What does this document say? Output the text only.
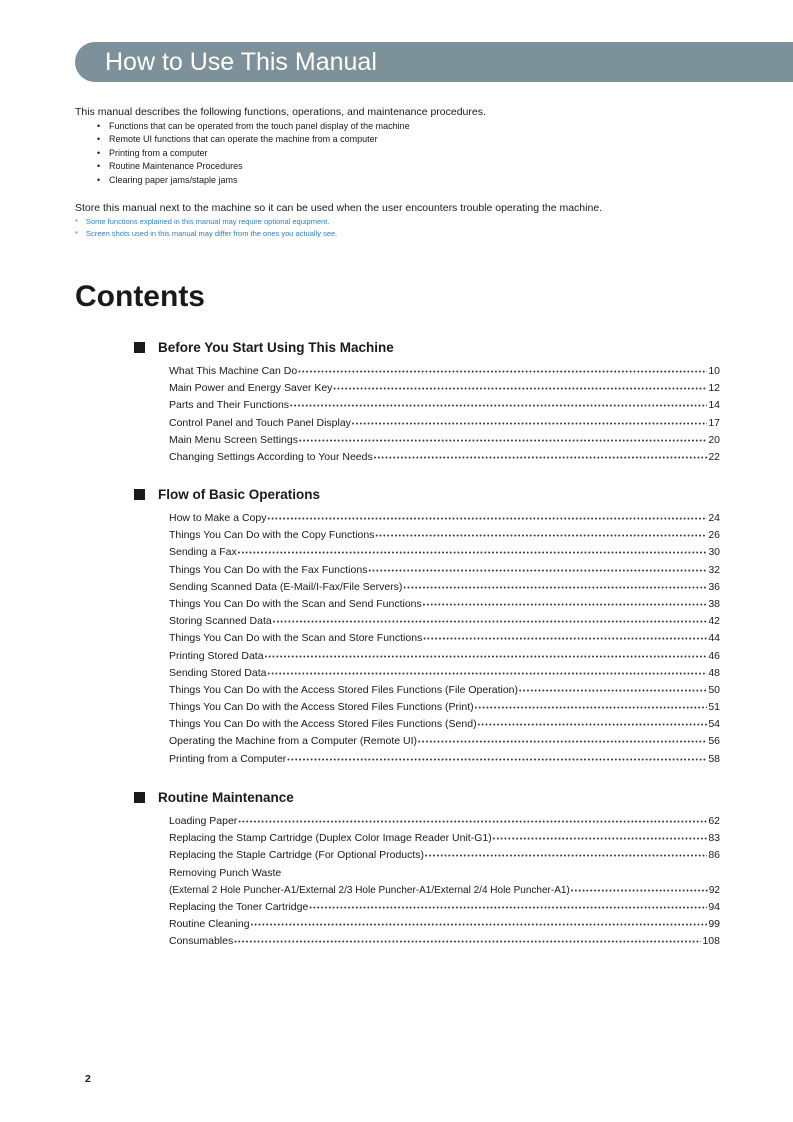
How to Use This Manual

This manual describes the following functions, operations, and maintenance procedures.

• Functions that can be operated from the touch panel display of the machine
• Remote UI functions that can operate the machine from a computer
• Printing from a computer
• Routine Maintenance Procedures
• Clearing paper jams/staple jams
Store this manual next to the machine so it can be used when the user encounters trouble operating the machine.
* Some functions explained in this manual may require optional equipment.
* Screen shots used in this manual may differ from the ones you actually see.
Contents
Before You Start Using This Machine
What This Machine Can Do •••••	10
Main Power and Energy Saver Key •••••	12
Parts and Their Functions •••••	14
Control Panel and Touch Panel Display •••••	17
Main Menu Screen Settings •••••	20
Changing Settings According to Your Needs •••••	22
Flow of Basic Operations
How to Make a Copy •••••	24
Things You Can Do with the Copy Functions •••••	26
Sending a Fax •••••	30
Things You Can Do with the Fax Functions •••••	32
Sending Scanned Data (E-Mail/I-Fax/File Servers) •••••	36
Things You Can Do with the Scan and Send Functions •••••	38
Storing Scanned Data •••••	42
Things You Can Do with the Scan and Store Functions •••••	44
Printing Stored Data •••••	46
Sending Stored Data •••••	48
Things You Can Do with the Access Stored Files Functions (File Operation) •••••	50
Things You Can Do with the Access Stored Files Functions (Print) •••••	51
Things You Can Do with the Access Stored Files Functions (Send) •••••	54
Operating the Machine from a Computer (Remote UI) •••••	56
Printing from a Computer •••••	58
Routine Maintenance
Loading Paper •••••	62
Replacing the Stamp Cartridge (Duplex Color Image Reader Unit-G1) •••••	83
Replacing the Staple Cartridge (For Optional Products) •••••	86
Removing Punch Waste
(External 2 Hole Puncher-A1/External 2/3 Hole Puncher-A1/External 2/4 Hole Puncher-A1) •••••	92
Replacing the Toner Cartridge •••••	94
Routine Cleaning •••••	99
Consumables •••••	108
2
